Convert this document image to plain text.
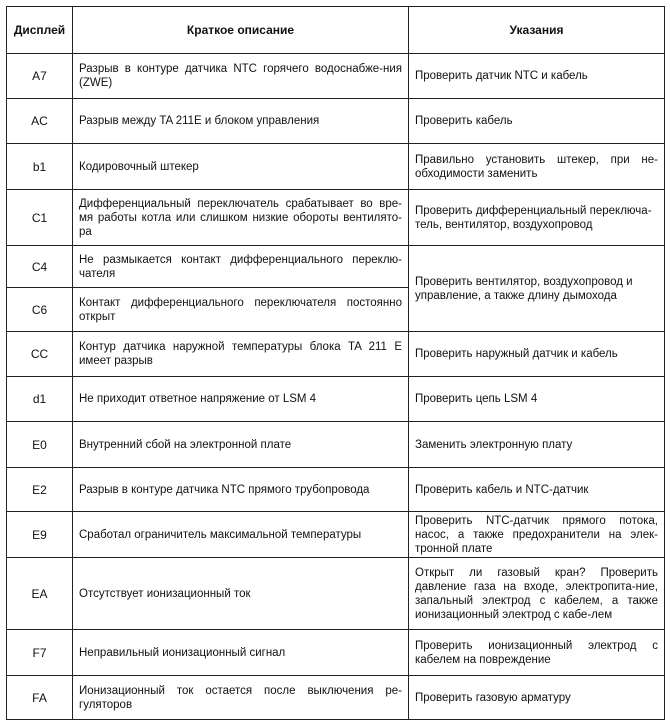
Дисплей	Краткое описание	Указания
A7	Разрыв в контуре датчика NTC горячего водоснабже-ния (ZWE)	Проверить датчик NTC и кабель
AC	Разрыв между TA 211E и блоком управления	Проверить кабель
b1	Кодировочный штекер	Правильно установить штекер, при не-обходимости заменить
C1	Дифференциальный переключатель срабатывает во вре-мя работы котла или слишком низкие обороты вентилято-ра	Проверить дифференциальный переключа-тель, вентилятор, воздухопровод
C4	Не размыкается контакт дифференциального переклю-чателя	Проверить вентилятор, воздухопровод и управление, а также длину дымохода
C6	Контакт дифференциального переключателя постоянно открыт	
CC	Контур датчика наружной температуры блока TA 211 E имеет разрыв	Проверить наружный датчик и кабель
d1	Не приходит ответное напряжение от LSM 4	Проверить цепь LSM 4
E0	Внутренний сбой на электронной плате	Заменить электронную плату
E2	Разрыв в контуре датчика NTC прямого трубопровода	Проверить кабель и NTC-датчик
E9	Сработал ограничитель максимальной температуры	Проверить NTC-датчик прямого потока, насос, а также предохранители на элек-тронной плате
EA	Отсутствует ионизационный ток	Открыт ли газовый кран? Проверить давление газа на входе, электропита-ние, запальный электрод с кабелем, а также ионизационный электрод с кабе-лем
F7	Неправильный ионизационный сигнал	Проверить ионизационный электрод с кабелем на повреждение
FA	Ионизационный ток остается после выключения ре-гуляторов	Проверить газовую арматуру
